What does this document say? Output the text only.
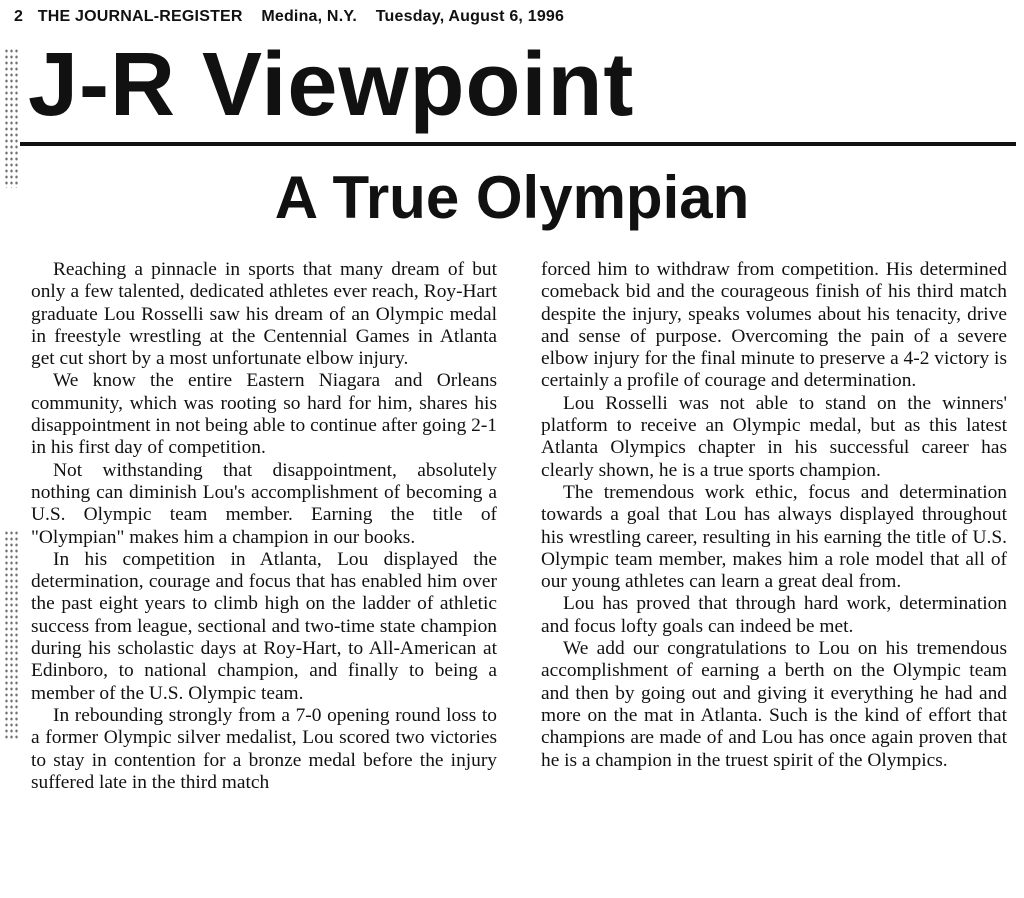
2 THE JOURNAL-REGISTER Medina, N.Y. Tuesday, August 6, 1996
J-R Viewpoint
A True Olympian

Reaching a pinnacle in sports that many dream of but only a few talented, dedicated athletes ever reach, Roy-Hart graduate Lou Rosselli saw his dream of an Olympic medal in freestyle wrestling at the Centennial Games in Atlanta get cut short by a most unfortunate elbow injury.

We know the entire Eastern Niagara and Orleans community, which was rooting so hard for him, shares his disappointment in not being able to continue after going 2-1 in his first day of competition.

Not withstanding that disappointment, absolutely nothing can diminish Lou's accomplishment of becoming a U.S. Olympic team member. Earning the title of "Olympian" makes him a champion in our books.

In his competition in Atlanta, Lou displayed the determination, courage and focus that has enabled him over the past eight years to climb high on the ladder of athletic success from league, sectional and two-time state champion during his scholastic days at Roy-Hart, to All-American at Edinboro, to national champion, and finally to being a member of the U.S. Olympic team.

In rebounding strongly from a 7-0 opening round loss to a former Olympic silver medalist, Lou scored two victories to stay in contention for a bronze medal before the injury suffered late in the third match

forced him to withdraw from competition. His determined comeback bid and the courageous finish of his third match despite the injury, speaks volumes about his tenacity, drive and sense of purpose. Overcoming the pain of a severe elbow injury for the final minute to preserve a 4-2 victory is certainly a profile of courage and determination.

Lou Rosselli was not able to stand on the winners' platform to receive an Olympic medal, but as this latest Atlanta Olympics chapter in his successful career has clearly shown, he is a true sports champion.

The tremendous work ethic, focus and determination towards a goal that Lou has always displayed throughout his wrestling career, resulting in his earning the title of U.S. Olympic team member, makes him a role model that all of our young athletes can learn a great deal from.

Lou has proved that through hard work, determination and focus lofty goals can indeed be met.

We add our congratulations to Lou on his tremendous accomplishment of earning a berth on the Olympic team and then by going out and giving it everything he had and more on the mat in Atlanta. Such is the kind of effort that champions are made of and Lou has once again proven that he is a champion in the truest spirit of the Olympics.
